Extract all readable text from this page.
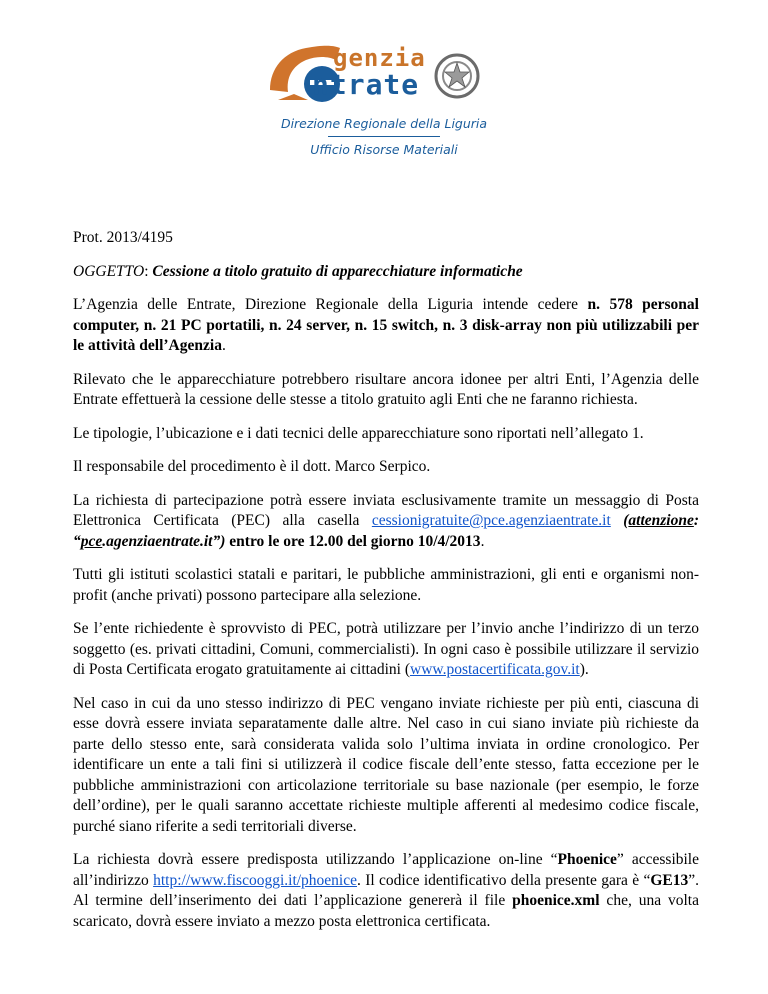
genzia
ntrate
Direzione Regionale della Liguria
Ufficio Risorse Materiali

Prot. 2013/4195

OGGETTO: Cessione a titolo gratuito di apparecchiature informatiche

L’Agenzia delle Entrate, Direzione Regionale della Liguria intende cedere n. 578 personal computer, n. 21 PC portatili, n. 24 server, n. 15 switch, n. 3 disk-array non più utilizzabili per le attività dell’Agenzia.

Rilevato che le apparecchiature potrebbero risultare ancora idonee per altri Enti, l’Agenzia delle Entrate effettuerà la cessione delle stesse a titolo gratuito agli Enti che ne faranno richiesta.

Le tipologie, l’ubicazione e i dati tecnici delle apparecchiature sono riportati nell’allegato 1.

Il responsabile del procedimento è il dott. Marco Serpico.

La richiesta di partecipazione potrà essere inviata esclusivamente tramite un messaggio di Posta Elettronica Certificata (PEC) alla casella cessionigratuite@pce.agenziaentrate.it (attenzione: “pce.agenziaentrate.it”) entro le ore 12.00 del giorno 10/4/2013.

Tutti gli istituti scolastici statali e paritari, le pubbliche amministrazioni, gli enti e organismi non-profit (anche privati) possono partecipare alla selezione.

Se l’ente richiedente è sprovvisto di PEC, potrà utilizzare per l’invio anche l’indirizzo di un terzo soggetto (es. privati cittadini, Comuni, commercialisti). In ogni caso è possibile utilizzare il servizio di Posta Certificata erogato gratuitamente ai cittadini (www.postacertificata.gov.it).

Nel caso in cui da uno stesso indirizzo di PEC vengano inviate richieste per più enti, ciascuna di esse dovrà essere inviata separatamente dalle altre. Nel caso in cui siano inviate più richieste da parte dello stesso ente, sarà considerata valida solo l’ultima inviata in ordine cronologico. Per identificare un ente a tali fini si utilizzerà il codice fiscale dell’ente stesso, fatta eccezione per le pubbliche amministrazioni con articolazione territoriale su base nazionale (per esempio, le forze dell’ordine), per le quali saranno accettate richieste multiple afferenti al medesimo codice fiscale, purché siano riferite a sedi territoriali diverse.

La richiesta dovrà essere predisposta utilizzando l’applicazione on-line “Phoenice” accessibile all’indirizzo http://www.fiscooggi.it/phoenice. Il codice identificativo della presente gara è “GE13”. Al termine dell’inserimento dei dati l’applicazione genererà il file phoenice.xml che, una volta scaricato, dovrà essere inviato a mezzo posta elettronica certificata.
